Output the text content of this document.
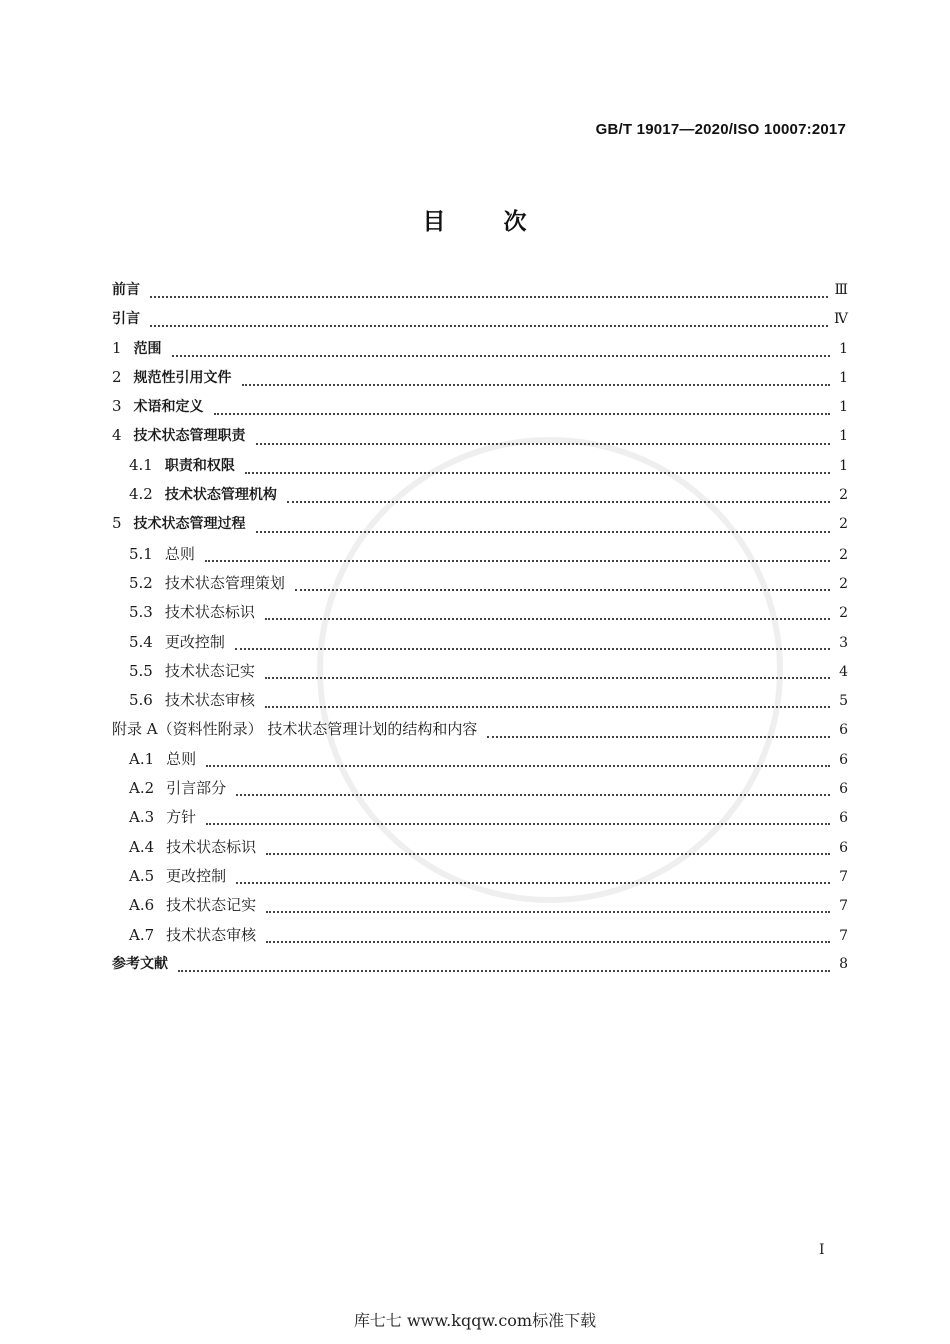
GB/T 19017—2020/ISO 10007:2017
目 次
前言	Ⅲ
引言	Ⅳ
1 范围	1
2 规范性引用文件	1
3 术语和定义	1
4 技术状态管理职责	1
4.1 职责和权限	1
4.2 技术状态管理机构	2
5 技术状态管理过程	2
5.1 总则	2
5.2 技术状态管理策划	2
5.3 技术状态标识	2
5.4 更改控制	3
5.5 技术状态记实	4
5.6 技术状态审核	5
附录 A（资料性附录） 技术状态管理计划的结构和内容	6
A.1 总则	6
A.2 引言部分	6
A.3 方针	6
A.4 技术状态标识	6
A.5 更改控制	7
A.6 技术状态记实	7
A.7 技术状态审核	7
参考文献	8
I
库七七 www.kqqw.com标准下载
